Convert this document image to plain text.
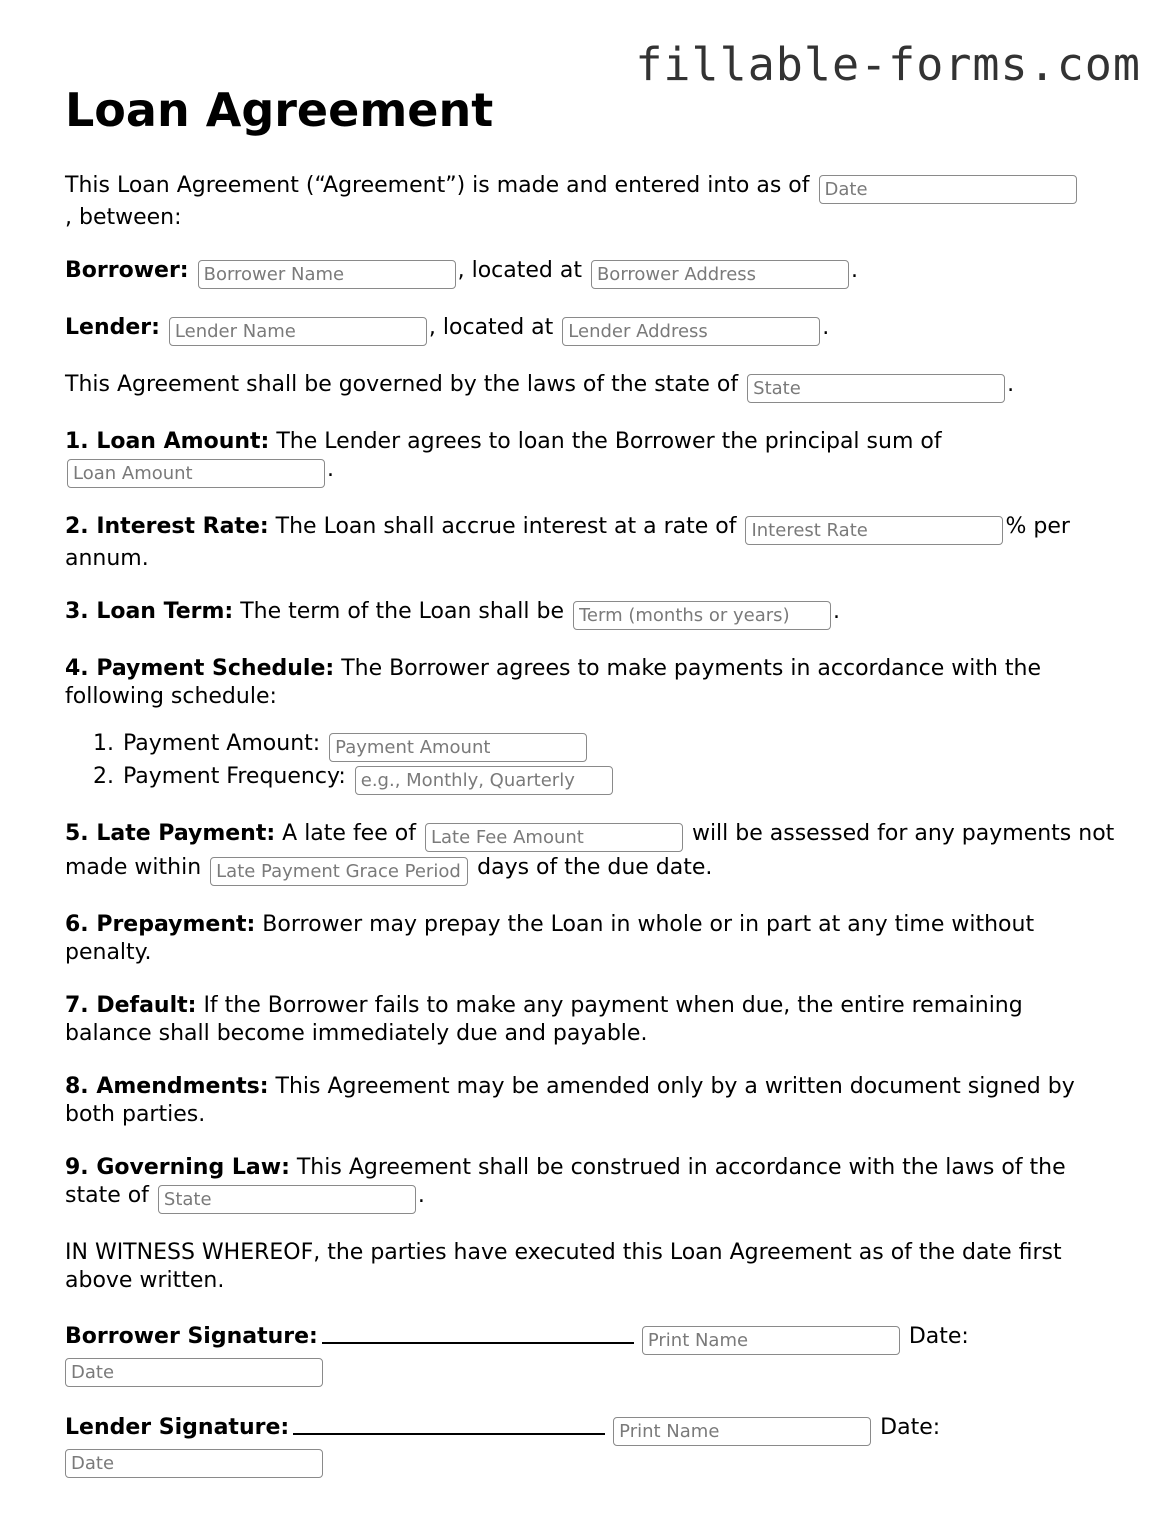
fillable-forms.com
Loan Agreement

This Loan Agreement (“Agreement”) is made and entered into as of Date
, between:

Borrower: Borrower Name	, located at Borrower Address	.

Lender: Lender Name	, located at Lender Address	.

This Agreement shall be governed by the laws of the state of State	.

1. Loan Amount: The Lender agrees to loan the Borrower the principal sum of Loan Amount.

2. Interest Rate: The Loan shall accrue interest at a rate of Interest Rate	% per annum.

3. Loan Term: The term of the Loan shall be Term (months or years)	.

4. Payment Schedule: The Borrower agrees to make payments in accordance with the following schedule:

1. Payment Amount: Payment Amount
2. Payment Frequency: e.g., Monthly, Quarterly

5. Late Payment: A late fee of Late Fee Amount	will be assessed for any payments not made within Late Payment Grace Period	days of the due date.

6. Prepayment: Borrower may prepay the Loan in whole or in part at any time without penalty.

7. Default: If the Borrower fails to make any payment when due, the entire remaining balance shall become immediately due and payable.

8. Amendments: This Agreement may be amended only by a written document signed by both parties.

9. Governing Law: This Agreement shall be construed in accordance with the laws of the state of State	.

IN WITNESS WHEREOF, the parties have executed this Loan Agreement as of the date first above written.

Borrower Signature:Print Name	Date:
Date

Lender Signature:Print Name	Date:
Date
